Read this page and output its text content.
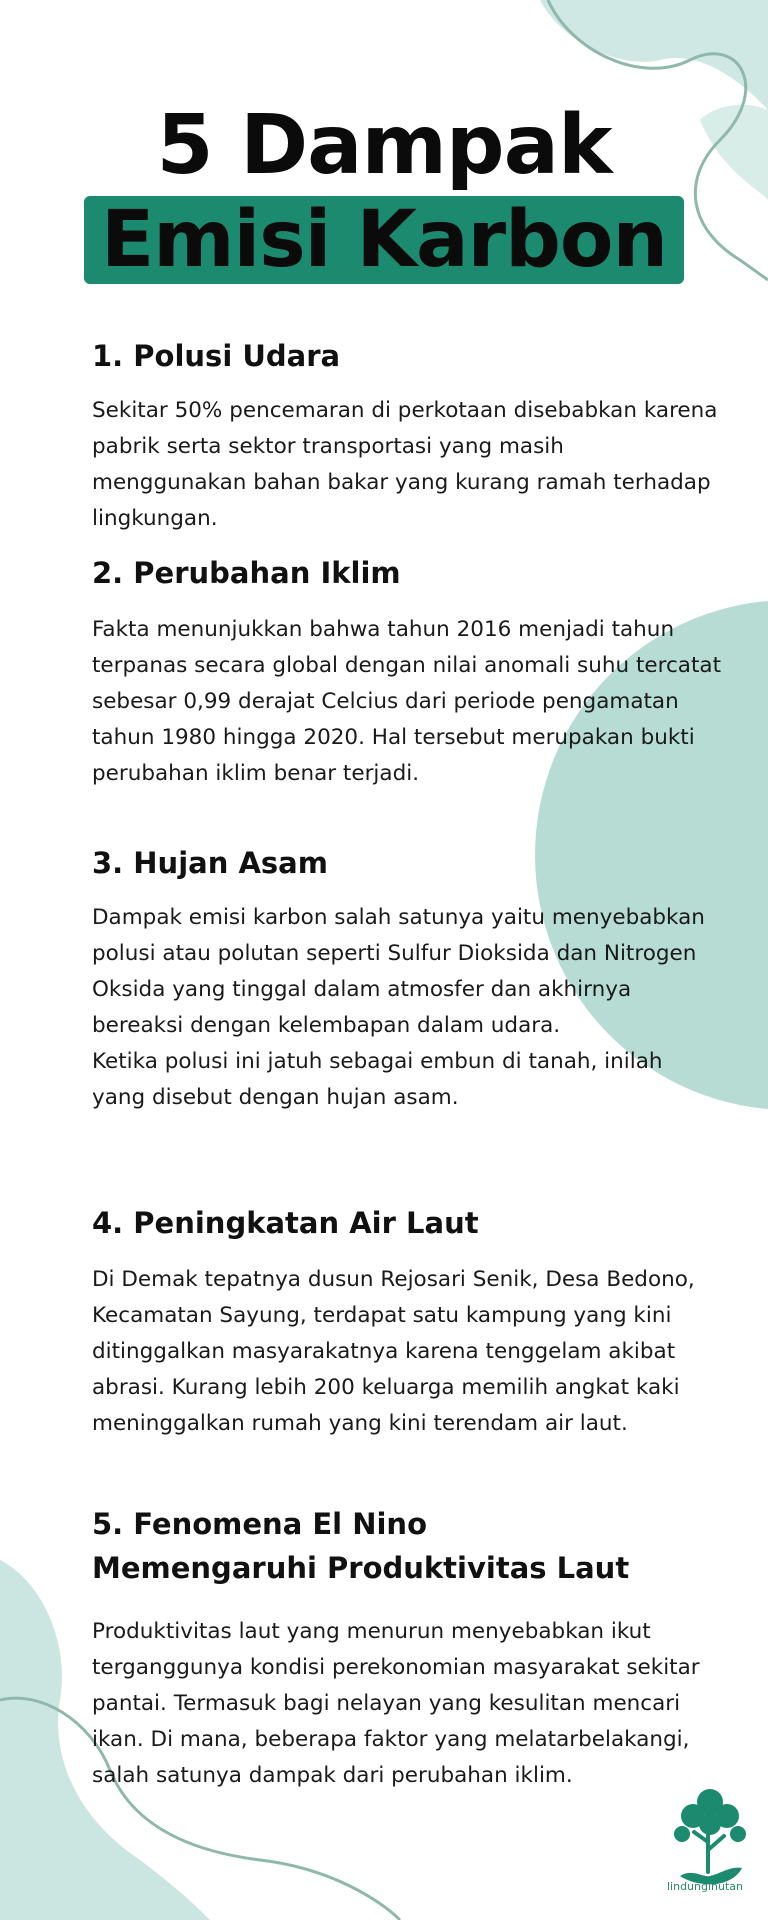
5 Dampak
Emisi Karbon
1. Polusi Udara

Sekitar 50% pencemaran di perkotaan disebabkan karena pabrik serta sektor transportasi yang masih menggunakan bahan bakar yang kurang ramah terhadap lingkungan.

2. Perubahan Iklim

Fakta menunjukkan bahwa tahun 2016 menjadi tahun terpanas secara global dengan nilai anomali suhu tercatat sebesar 0,99 derajat Celcius dari periode pengamatan tahun 1980 hingga 2020. Hal tersebut merupakan bukti perubahan iklim benar terjadi.

3. Hujan Asam

Dampak emisi karbon salah satunya yaitu menyebabkan polusi atau polutan seperti Sulfur Dioksida dan Nitrogen Oksida yang tinggal dalam atmosfer dan akhirnya bereaksi dengan kelembapan dalam udara.

Ketika polusi ini jatuh sebagai embun di tanah, inilah yang disebut dengan hujan asam.

4. Peningkatan Air Laut

Di Demak tepatnya dusun Rejosari Senik, Desa Bedono, Kecamatan Sayung, terdapat satu kampung yang kini ditinggalkan masyarakatnya karena tenggelam akibat abrasi. Kurang lebih 200 keluarga memilih angkat kaki meninggalkan rumah yang kini terendam air laut.

5. Fenomena El Nino Memengaruhi Produktivitas Laut

Produktivitas laut yang menurun menyebabkan ikut terganggunya kondisi perekonomian masyarakat sekitar pantai. Termasuk bagi nelayan yang kesulitan mencari ikan. Di mana, beberapa faktor yang melatarbelakangi, salah satunya dampak dari perubahan iklim.

lindungihutan
